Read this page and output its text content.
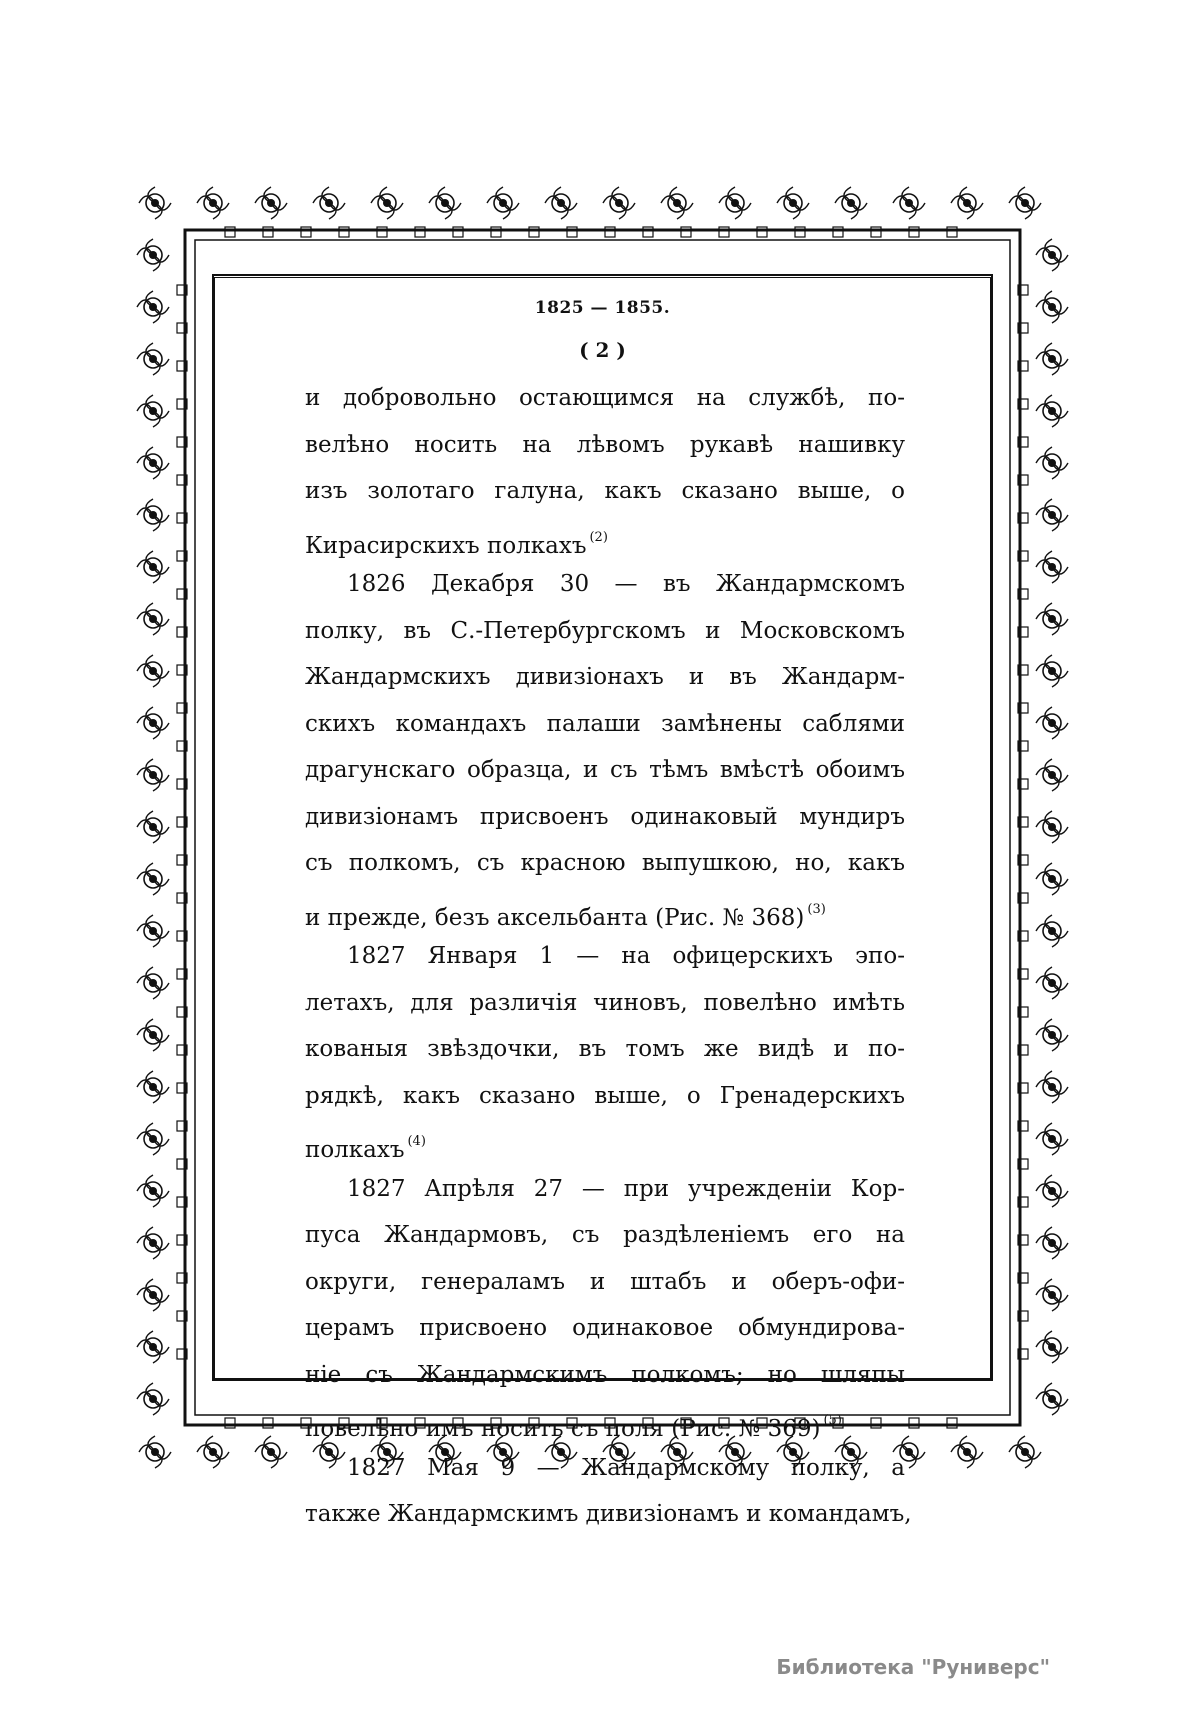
1825 — 1855.
( 2 )
и добровольно остающимся на службѣ, по-
велѣно носить на лѣвомъ рукавѣ нашивку
изъ золотаго галуна, какъ сказано выше, о
Кирасирскихъ полкахъ $^{(2)}$
1826 Декабря 30 — въ Жандармскомъ
полку, въ С.-Петербургскомъ и Московскомъ
Жандармскихъ дивизіонахъ и въ Жандарм-
скихъ командахъ палаши замѣнены саблями
драгунскаго образца, и съ тѣмъ вмѣстѣ обоимъ
дивизіонамъ присвоенъ одинаковый мундиръ
съ полкомъ, съ красною выпушкою, но, какъ
и прежде, безъ аксельбанта (Рис. № 368) $^{(3)}$
1827 Января 1 — на офицерскихъ эпо-
летахъ, для различія чиновъ, повелѣно имѣть
кованыя звѣздочки, въ томъ же видѣ и по-
рядкѣ, какъ сказано выше, о Гренадерскихъ
полкахъ $^{(4)}$
1827 Апрѣля 27 — при учрежденіи Кор-
пуса Жандармовъ, съ раздѣленіемъ его на
округи, генераламъ и штабъ и оберъ-офи-
церамъ присвоено одинаковое обмундирова-
ніе съ Жандармскимъ полкомъ; но шляпы
повелѣно имъ носить съ поля (Рис. № 369) $^{(5)}$
1827 Мая 9 — Жандармскому полку, а
также Жандармскимъ дивизіонамъ и командамъ,
Библиотека "Руниверс"
